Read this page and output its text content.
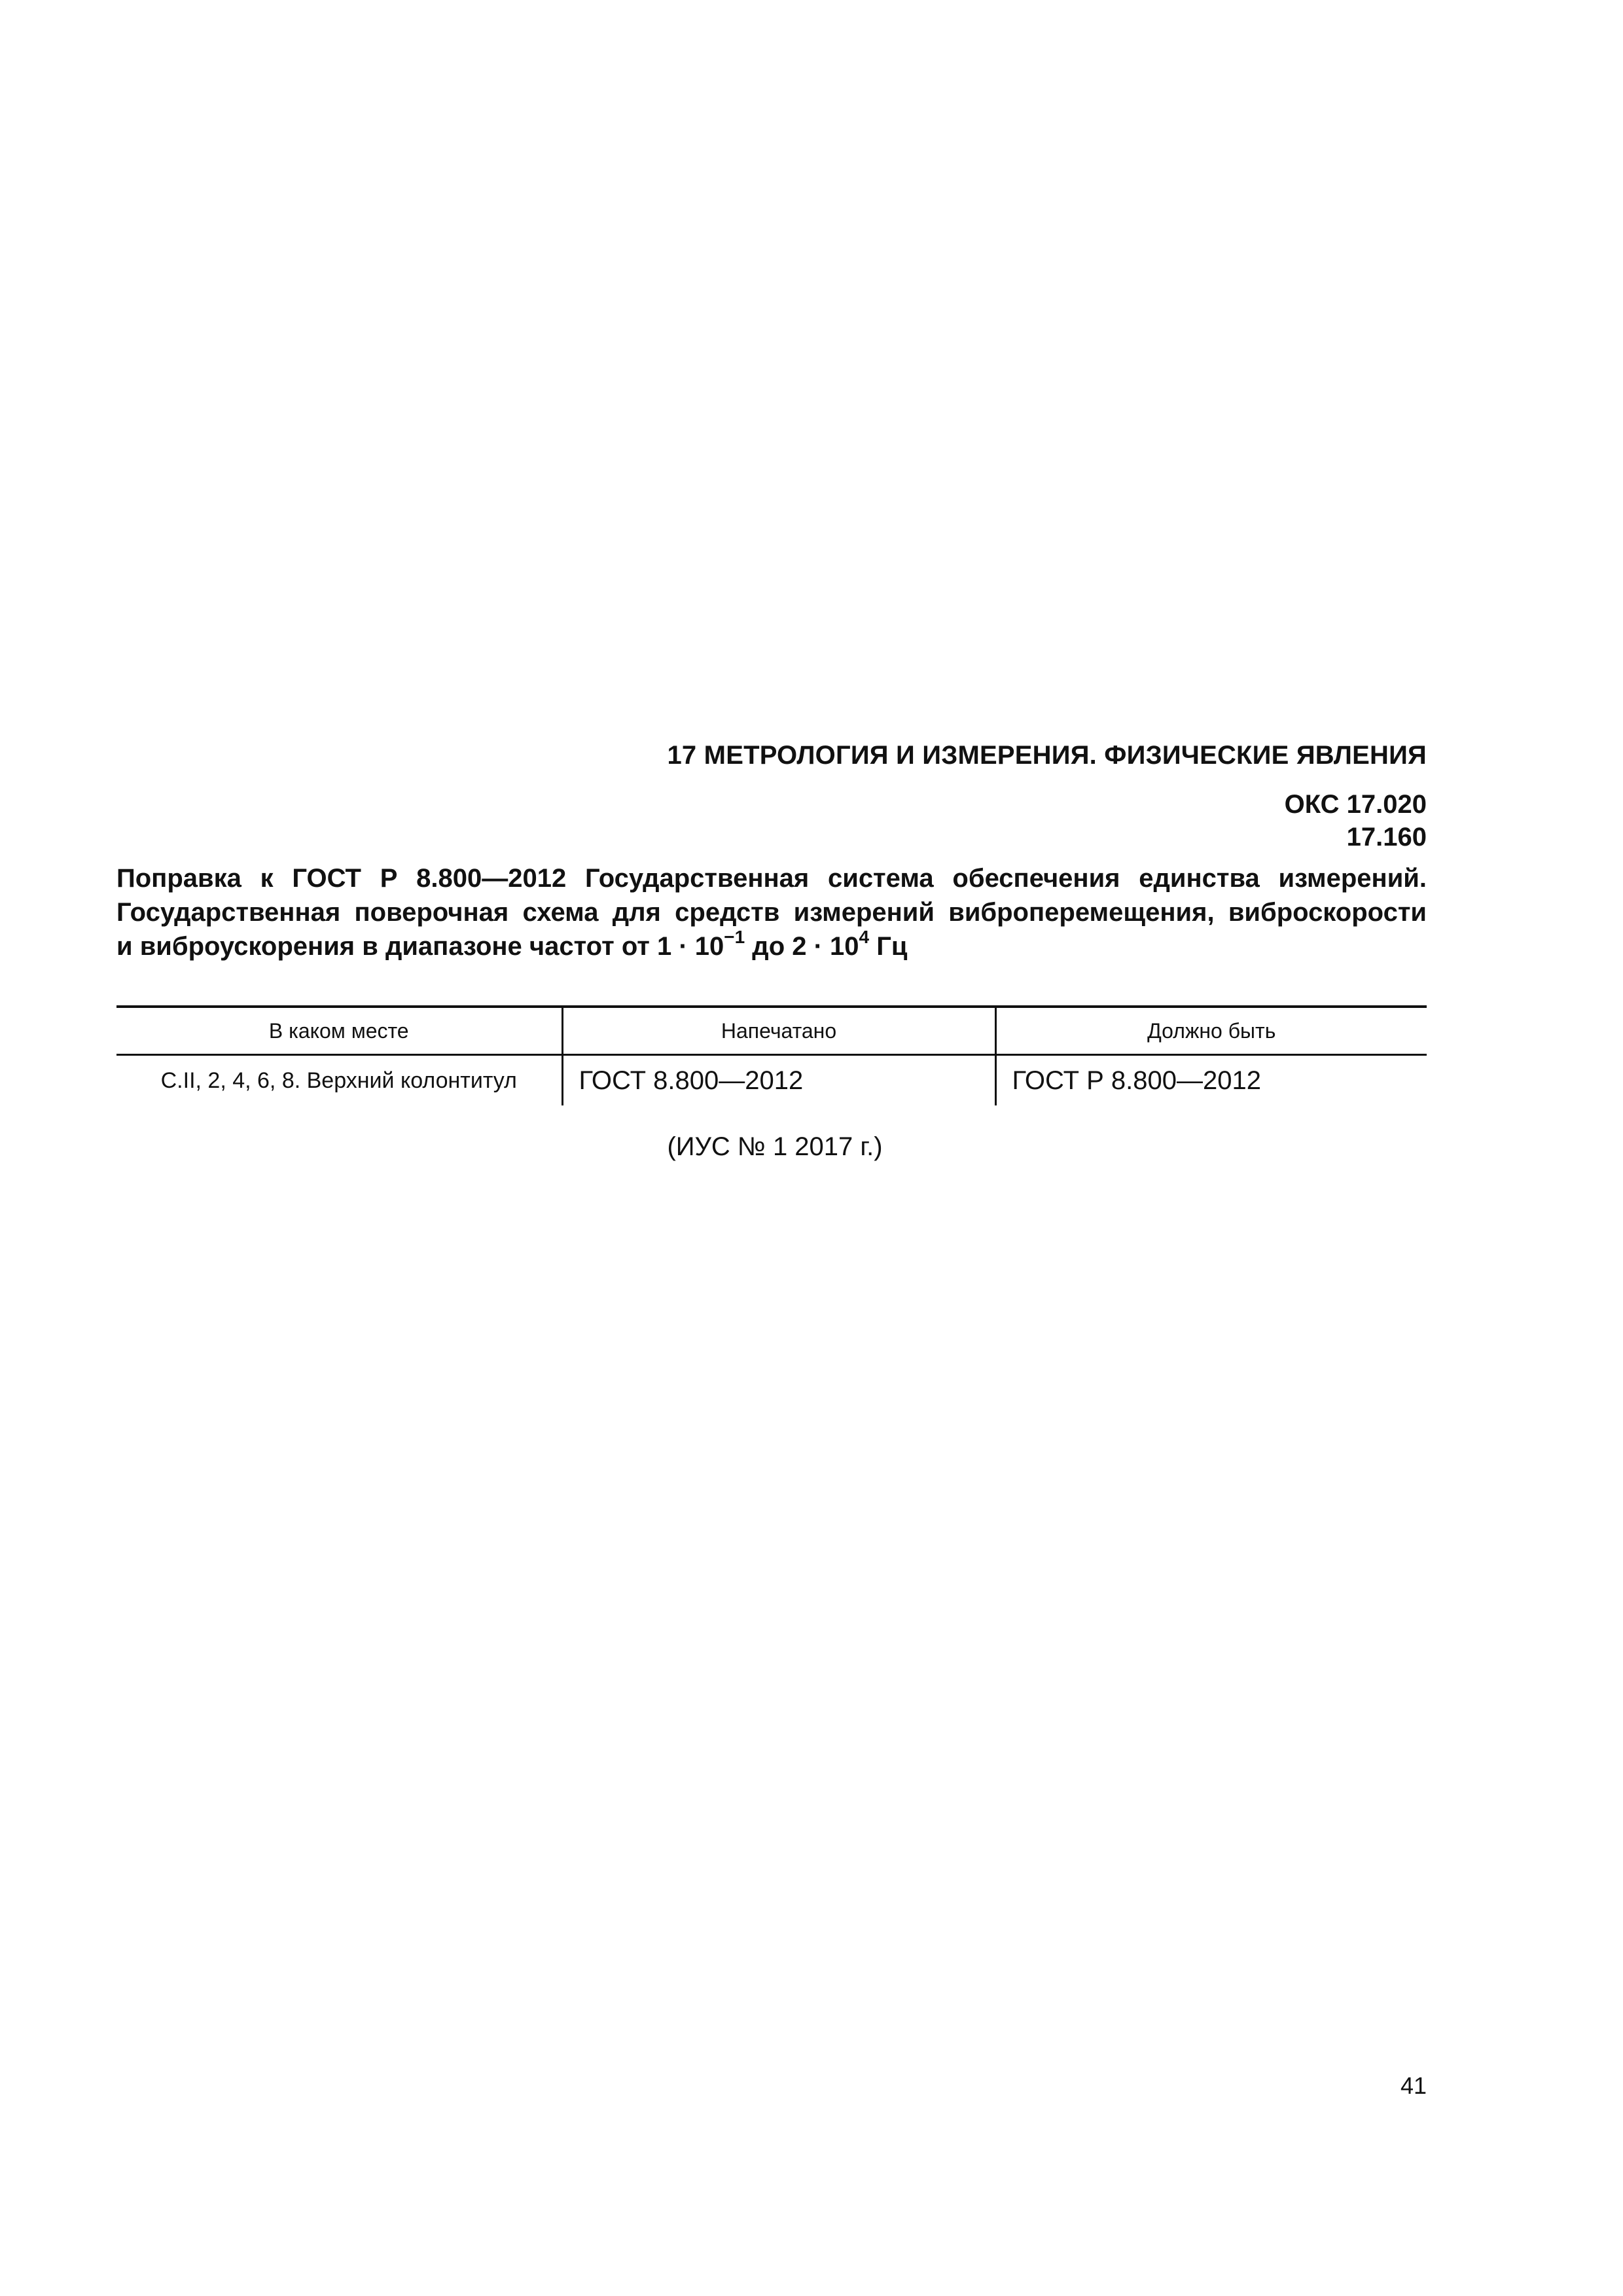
17 МЕТРОЛОГИЯ И ИЗМЕРЕНИЯ. ФИЗИЧЕСКИЕ ЯВЛЕНИЯ
ОКС 17.020
17.160
Поправка к ГОСТ Р 8.800—2012 Государственная система обеспечения единства измерений.
Государственная поверочная схема для средств измерений виброперемещения, виброскорости
и виброускорения в диапазоне частот от $1 \cdot 10^{-1}$ до $2 \cdot 10^4$ Гц
В каком месте	Напечатано	Должно быть
С.II, 2, 4, 6, 8. Верхний колонтитул	ГОСТ 8.800—2012	ГОСТ Р 8.800—2012
(ИУС № 1 2017 г.)
41
